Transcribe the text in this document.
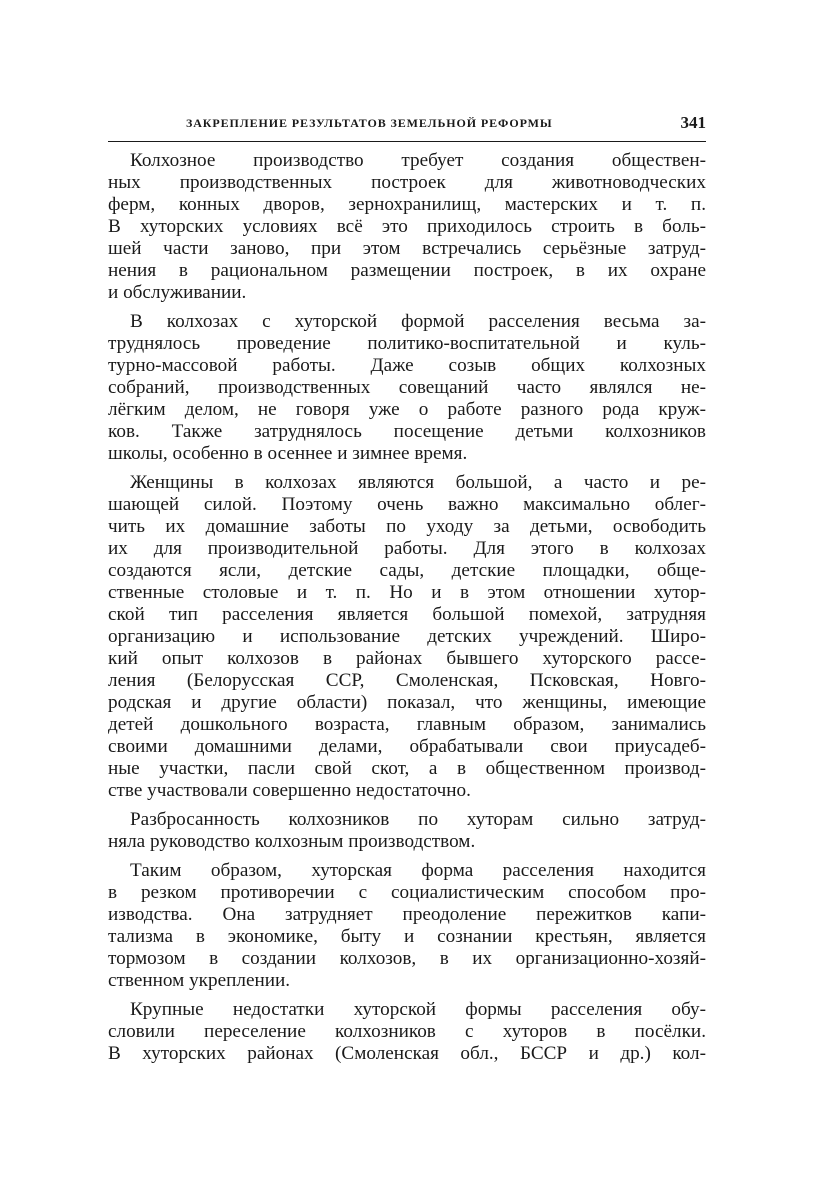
ЗАКРЕПЛЕНИЕ РЕЗУЛЬТАТОВ ЗЕМЕЛЬНОЙ РЕФОРМЫ	341
Колхозное производство требует создания обществен-
ных производственных построек для животноводческих
ферм, конных дворов, зернохранилищ, мастерских и т. п.
В хуторских условиях всё это приходилось строить в боль-
шей части заново, при этом встречались серьёзные затруд-
нения в рациональном размещении построек, в их охране
и обслуживании.
В колхозах с хуторской формой расселения весьма за-
труднялось проведение политико-воспитательной и куль-
турно-массовой работы. Даже созыв общих колхозных
собраний, производственных совещаний часто являлся не-
лёгким делом, не говоря уже о работе разного рода круж-
ков. Также затруднялось посещение детьми колхозников
школы, особенно в осеннее и зимнее время.
Женщины в колхозах являются большой, а часто и ре-
шающей силой. Поэтому очень важно максимально облег-
чить их домашние заботы по уходу за детьми, освободить
их для производительной работы. Для этого в колхозах
создаются ясли, детские сады, детские площадки, обще-
ственные столовые и т. п. Но и в этом отношении хутор-
ской тип расселения является большой помехой, затрудняя
организацию и использование детских учреждений. Широ-
кий опыт колхозов в районах бывшего хуторского рассе-
ления (Белорусская ССР, Смоленская, Псковская, Новго-
родская и другие области) показал, что женщины, имеющие
детей дошкольного возраста, главным образом, занимались
своими домашними делами, обрабатывали свои приусадеб-
ные участки, пасли свой скот, а в общественном производ-
стве участвовали совершенно недостаточно.
Разбросанность колхозников по хуторам сильно затруд-
няла руководство колхозным производством.
Таким образом, хуторская форма расселения находится
в резком противоречии с социалистическим способом про-
изводства. Она затрудняет преодоление пережитков капи-
тализма в экономике, быту и сознании крестьян, является
тормозом в создании колхозов, в их организационно-хозяй-
ственном укреплении.
Крупные недостатки хуторской формы расселения обу-
словили переселение колхозников с хуторов в посёлки.
В хуторских районах (Смоленская обл., БССР и др.) кол-
